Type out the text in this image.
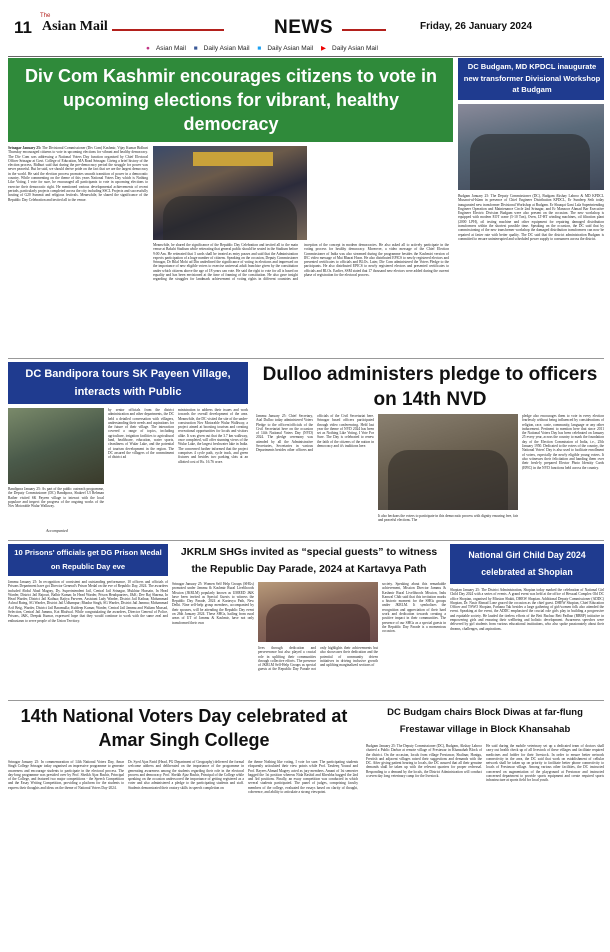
11
The
Asian Mail	NEWS	Friday, 26 January 2024
● Asian Mail ■ Daily Asian Mail ■ Daily Asian Mail ▶ Daily Asian Mail
Div Com Kashmir encourages citizens to vote in upcoming elections for vibrant, healthy democracy

Srinagar January 25: The Divisional Commissioner (Div Com) Kashmir, Vijay Kumar Bidhuri Thursday encouraged citizens to vote in upcoming elections for vibrant and healthy democracy. The Div Com was addressing a National Voters Day function organised by Chief Electoral Officer Srinagar at Govt. College of Education, MA Road Srinagar. Giving a brief history of the election process, Bidhuri said that during the pre-democracy period the struggle for power was never peaceful. But he said, we should derive pride on the fact that we are the largest democracy in the world. He said the election process promotes smooth transition of power in a democratic country. While commenting on the theme of this years National Voters Day which is Nothing Like Voting, I vote for sure, he encouraged all participants to vote in upcoming elections to exercise their democratic right. He mentioned various developmental achievements of recent periods, particularly projects completed across the city including SSCL Projects and successfully hosting of G20 Summit and religious festivals. Meanwhile, he shared the significance of the Republic Day Celebration and invited all to the venue.

Meanwhile, he shared the significance of the Republic Day Celebration and invited all to the main venue at Bakshi Stadium while reiterating that general public should be seated in the Stadium before 9:00 Am. He reiterated that 3 cards shall be treated as entry passes and said that the Administration expects participation of a huge number of citizens. Speaking on the occasion, Deputy Commissioner Srinagar, Dr Bilal Mohi ud Din underlined the significance of voting in elections and impressed on the importance of new eligible voters to exercise universal adult franchise given by the constitution under which citizens above the age of 18 years can vote. He said the right to vote for all is based on equality and has been envisioned at the time of framing of the constitution. He also gave insight regarding the struggles for landmark achievement of voting rights in different countries and inception of the concept in modern democracies. He also asked all to actively participate in the voting process for healthy democracy. Moreover, a video message of the Chief Election Commissioner of India was also streamed during the programme besides the Kashmiri version of IEC video message of Mai Bharat Hoon. He also distributed EPICS to newly registered electors and presented certificates to officials and BLOs. Later, Div Com administered the Voters Pledge to the participants. He also distributed EPICS to newly registered electors and presented certificates to officials and BLOs. Earlier, SSM stated that 17 thousand new electors were added during the current phase of registration for the electoral process.
DC Budgam, MD KPDCL inaugurate new transformer Divisional Workshop at Budgam
Budgam January 25: The Deputy Commissioner (DC), Budgam Akshay Labroo & MD KPDCL Musarat-ul-Islam in presence of Chief Engineer Distribution KPDCL, Er Sundeep Seth today inaugurated new transformer Divisional Workshop at Budgam. Er Shuaqat Gani Lala Superintending Engineer Operation and Maintenance Circle 2nd Srinagar, and Er Manzoor Ahmad Bar Executive Engineer Electric Division Budgam were also present on the occasion. The new workshop is equipped with modern EOT crane (5-10 Ton), Oven, LT-HT winding machines, oil filtration plant (2000 LPH), oil testing machine and other equipment for repairing damaged distribution transformers within the shortest possible time. Speaking on the occasion, the DC said that by commissioning of the new transformer workshop the damaged distribution transformers can now be repaired at faster rate with better quality. The DC said that the district administration Budgam is committed to ensure uninterrupted and scheduled power supply to consumers across the district.
DC Bandipora tours SK Payeen Village, interacts with Public
Bandipora January 25: As part of the public outreach programme, the Deputy Commissioner (DC) Bandipora, Shakeel Ul Rehman Rather visited SK Payeen village to interact with the local populace and inspect the progress of the ongoing works of the Nov Motorable Wular Walkway.
Accompanied
by senior officials from the district administration and other departments, the DC held a detailed conversation with villagers, understanding their needs and aspirations for the future of their village. The interaction covered a range of topics, including agriculture, irrigation facilities to agricultural land, healthcare, education, water sports, cleanliness of Wular Lake, and the potential of tourism development in the region. The DC assured the villagers of the commitment of district ad
ministration to address their issues and work towards the overall development of the area. Meanwhile, the DC visited the site of the under-construction Nov Motorable Wular Walkway, a project aimed at boosting tourism and creating recreational opportunities for locals and visitors alike. It was given out that the 3.7 km walkway, once completed, will offer stunning views of the Wular Lake, the largest freshwater lake in India. The concerned further informed that the project comprises 4 cycle path, cycle track, and green fixtures and besides two parking slots at an allotted cost of Rs. 16.76 crore.
Dulloo administers pledge to officers on 14th NVD
Jammu January 25: Chief Secretary, Atal Dulloo today administered Voters Pledge to the officers/officials of the Civil Secretariat here on the occasion of 14th National Voters Day (NVD) 2024. The pledge ceremony was attended by all the Administrative Secretaries, Secretaries in various Departments besides other officers and officials of the Civil Secretariat here. Srinagar based officers participated through video conferencing. Held last year the theme of NVD 2024 has been set as Nothing Like Voting, I Vote For Sure. The Day is celebrated to renew the faith of the citizens of the nation in democracy and it's traditions here.
It also beckons the voters to participate in this democratic process with dignity ensuring free, fair and peaceful elections. The
pledge also encourages them to vote in every election fearlessly without being influenced by considerations of religion, race, caste, community, language or any other inducement. Pertinent to mention here that since 2011 the National Voters Day has been celebrated on January 25 every year, across the country to mark the foundation day of the Election Commission of India, i.e., 25th January 1950. Dedicated to the voters of the country, the National Voters' Day is also used to facilitate enrollment of voters, especially the newly eligible young voters. It also witnesses their felicitation and handing them over their fresh-ly prepared Elector Photo Identity Cards (EPIC) in the NVD functions held across the country.
10 Prisons' officials get DG Prison Medal on Republic Day eve
Jammu January 25: In recognition of consistent and outstanding performance, 10 officers and officials of Prisons Department have got Director General's Prison Medal on the eve of Republic Day, 2024. The awardees included Abdul Ahad Magray, Dy. Superintendent Jail, Central Jail Srinagar, Mukhtar Hussain, In Head Warder, District Jail Rajouri, Balbir Kumar, In Head Warder, Prison Headquarters, J&K; Dev Raj Sharma, In Head Warder, District Jail Kathua; Rajiya Parveen, Assistant Lady Warder, District Jail Kathua; Mohammad Ashraf Baing, SG Warder, District Jail Udhampur; Bhadur Singh, SG Warder, District Jail Jammu; Mohammad Arif Beig, Warder, District Jail Baramulla; Kuldeep Kumar, Warder, Central Jail Jammu and Waliam Mussad, Selection, Central Jail Jammu, Kot Bhalwal. While congratulating the awardees, Director General of Police, Prisons, J&K, Deepak Kumar, expressed hope that they would continue to work with the same zeal and enthusiasm to serve people of the Union Territory.
JKRLM SHGs invited as “special guests” to witness the Republic Day Parade, 2024 at Kartavya Path
Srinagar January 25: Women Self Help Groups (SHGs) promoted under Jammu & Kashmir Rural Livelihoods Mission (JKRLM) popularly known as UMEED J&K have been invited as Special Guests to witness the Republic Day Parade, 2024 at Kartavya Path, New Delhi. Nine self-help group members, accompanied by their spouses, will be attending the Republic Day event on 26th January 2024. These SHGs, hailing from rural areas of UT of Jammu & Kashmir, have not only transformed their own
lives through dedication and perseverance but also played a crucial role in uplifting their communities through collective efforts. The presence of JKRLM Self-Help Groups as special guests at the Republic Day Parade not only highlights their achievements but also showcases their dedication and the potential of community driven initiatives in driving inclusive growth and uplifting marginalized sections of
society. Speaking about this remarkable achievement, Mission Director Jammu & Kashmir Rural Livelihoods Mission, Indu Kanwal Chib said that this invitation marks a historic moment for the SHGs groups under JKRLM. It symbolizes the recognition and appreciation of their hard work and dedication towards creating a positive impact in their communities. The presence of our SHGs as a special guests in the Republic Day Parade is a momentous occasion.
National Girl Child Day 2024 celebrated at Shopian
Shopian January 25: The District Administration, Shopian today marked the celebration of National Girl Child Day 2024 with a series of events. A grand event was held at the office of Hexsaal Complex Old DC office Shopian, organised by Mission Shakti, DHEW Shopian. Additional Deputy Commissioner (ADDC) Shopian, Dr. Nasir Ahmad Lone graced the occasion as the chief guest. DHEW Shopian, Chief Education Officer and TSWO Shopian, Farhana Tak besides a large gathering of girl/women folk also attended the event. Speaking at the event, the ADDC emphasised the crucial role girls play in building a progressive and equitable society. He lauded the tireless efforts of the Beti Bachao Beti Padhao (BBBP) initiative in empowering girls and ensuring their wellbeing and holistic development. Awareness speeches were delivered by girl students from various educational institutions, who also spoke passionately about their dreams, challenges, and aspirations.
14th National Voters Day celebrated at Amar Singh College
Srinagar January 25: In commemoration of 14th National Voters Day, Amar Singh College Srinagar today organised an impressive programme to generate awareness and encourage students to participate in the electoral process. The day-long programme was presided over by Prof. Sheikh Ajaz Bashir, Principal of the College, and featured two major competitions - the Speech Competition and the Essay Writing Competition, providing a platform for the students to express their thoughts and ideas on the theme of National Voters Day-2024.
Dr. Syed Ajaz Farid (Head, PG Department of Geography) delivered the formal welcome address and deliberated on the importance of the programme in generating awareness among the students regarding their role in the electoral process and democracy. Prof. Sheikh Ajaz Bashir, Principal of the College while speaking on the occasion underscored the importance of getting registered as a voter and also administered a pledge to the participating students and staff. Students demonstrated their oratory skills in speech completion on
the theme Nothing like voting, I vote for sure. The participating students eloquently articulated their view points while Prof. Tasdeeq Yousuf and Prof. Rayees Ahmad Magrey acted as jury members. Amani of 1st semester bagged the 1st position whereas Nida Rashid and Kheshba bagged the 2nd and 3rd positions. Finally, an essay competition was conducted in which several students participated. The panel of judges, comprising faculty members of the college, evaluated the essays based on clarity of thought, coherence, and ability to articulate a strong viewpoint.
DC Budgam chairs Block Diwas at far-flung Frestawar village in Block Khansahab
Budgam January 25: The Deputy Commissioner (DC), Budgam, Akshay Labroo chaired a Public Darbar at remote village of Frestawar in Khansahab Block of the district. On the occasion, locals from village Frestawar, Shalinar, Hanigu, Frestish and adjacent villages raised their suggestions and demands with the DC. After giving patient hearing to locals, the DC assured that all their genuine demands shall be taken up with the relevant quarters for proper redressal. Responding to a demand by the locals, the District Administration will conduct a seven day long veterinary camp for the livestock.
He said during the mobile veterinary set up a dedicated team of doctors shall carry out health check up of all livestock of these villages and facilitate required medicines and fodder for their livestock. In order to ensure better network connectivity in the area, the DC said that work on establishment of cellular network shall be taken up on priority to facilitate better phone connectivity to locals of Frestawar village. Among various other facilities, the DC instructed concerned on augmentation of the playground at Frestawar and instructed concerned department to provide sports equipment and create required sports infrastructure at sports field for local youth.
